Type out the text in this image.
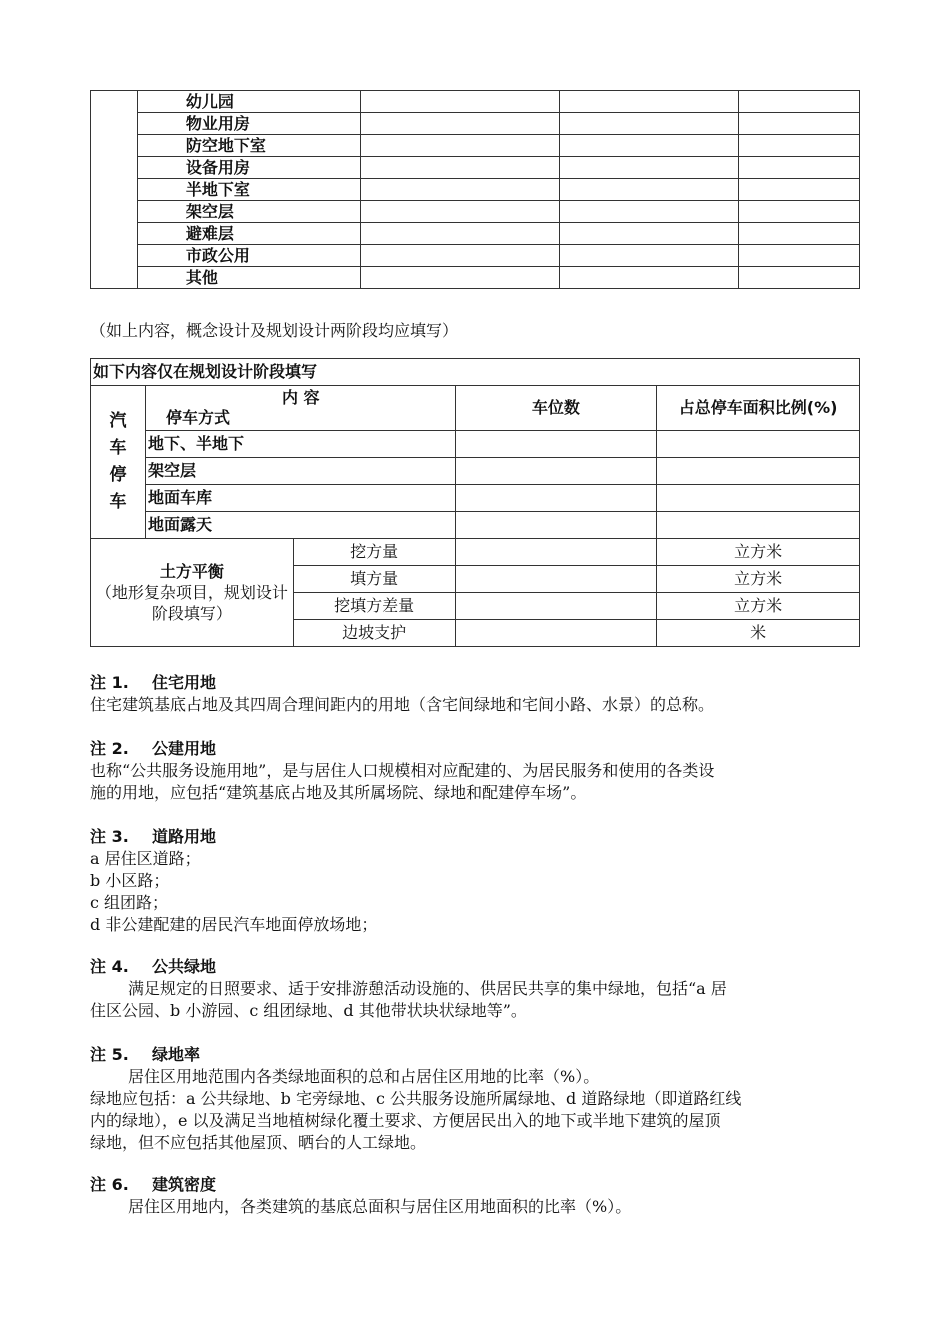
	幼儿园			
	物业用房			
	防空地下室			
	设备用房			
	半地下室			
	架空层			
	避难层			
	市政公用			
	其他			
（如上内容，概念设计及规划设计两阶段均应填写）
如下内容仅在规划设计阶段填写				

汽
车
停
车	内 容
停车方式		车位数	占总停车面积比例(%)
	地下、半地下			
	架空层			
	地面车库			
	地面露天			

土方平衡
（地形复杂项目，规划设计阶段填写）		挖方量		立方米
		填方量		立方米
		挖填方差量		立方米
		边坡支护		米
注 1. 住宅用地
住宅建筑基底占地及其四周合理间距内的用地（含宅间绿地和宅间小路、水景）的总称。
注 2. 公建用地
也称“公共服务设施用地”，是与居住人口规模相对应配建的、为居民服务和使用的各类设
施的用地，应包括“建筑基底占地及其所属场院、绿地和配建停车场”。
注 3. 道路用地
a 居住区道路；
b 小区路；
c 组团路；
d 非公建配建的居民汽车地面停放场地；
注 4. 公共绿地
满足规定的日照要求、适于安排游憩活动设施的、供居民共享的集中绿地，包括“a 居
住区公园、b 小游园、c 组团绿地、d 其他带状块状绿地等”。
注 5. 绿地率
居住区用地范围内各类绿地面积的总和占居住区用地的比率（%）。
绿地应包括：a 公共绿地、b 宅旁绿地、c 公共服务设施所属绿地、d 道路绿地（即道路红线
内的绿地），e 以及满足当地植树绿化覆土要求、方便居民出入的地下或半地下建筑的屋顶
绿地，但不应包括其他屋顶、晒台的人工绿地。
注 6. 建筑密度
居住区用地内，各类建筑的基底总面积与居住区用地面积的比率（%）。
